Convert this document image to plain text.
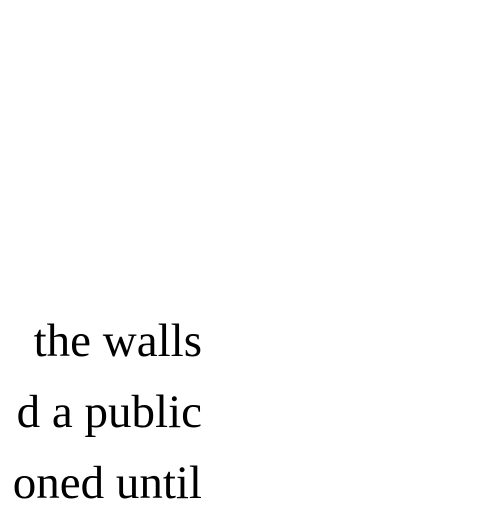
the walls
d a public
oned until
